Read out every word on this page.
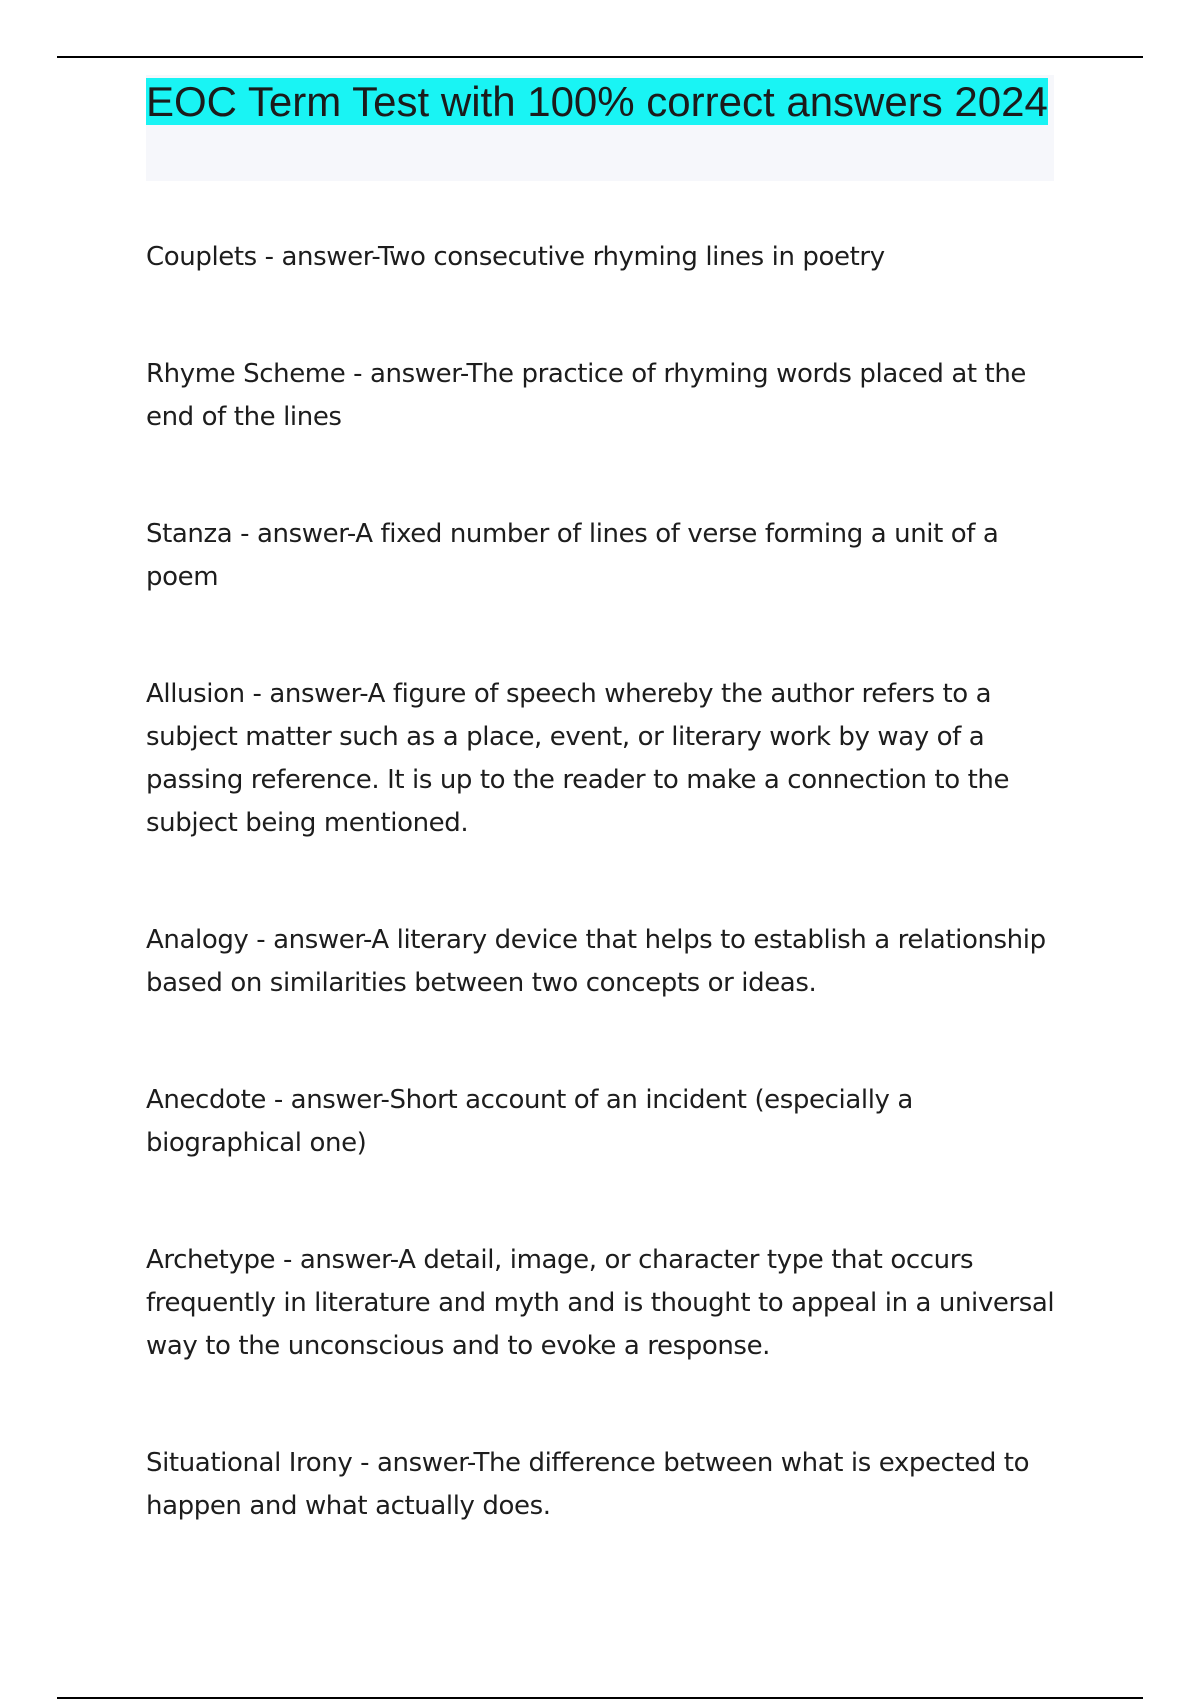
EOC Term Test with 100% correct answers 2024
Couplets - answer-Two consecutive rhyming lines in poetry
Rhyme Scheme - answer-The practice of rhyming words placed at the end of the lines
Stanza - answer-A fixed number of lines of verse forming a unit of a poem
Allusion - answer-A figure of speech whereby the author refers to a subject matter such as a place, event, or literary work by way of a passing reference. It is up to the reader to make a connection to the subject being mentioned.
Analogy - answer-A literary device that helps to establish a relationship based on similarities between two concepts or ideas.
Anecdote - answer-Short account of an incident (especially a biographical one)
Archetype - answer-A detail, image, or character type that occurs frequently in literature and myth and is thought to appeal in a universal way to the unconscious and to evoke a response.
Situational Irony - answer-The difference between what is expected to happen and what actually does.
